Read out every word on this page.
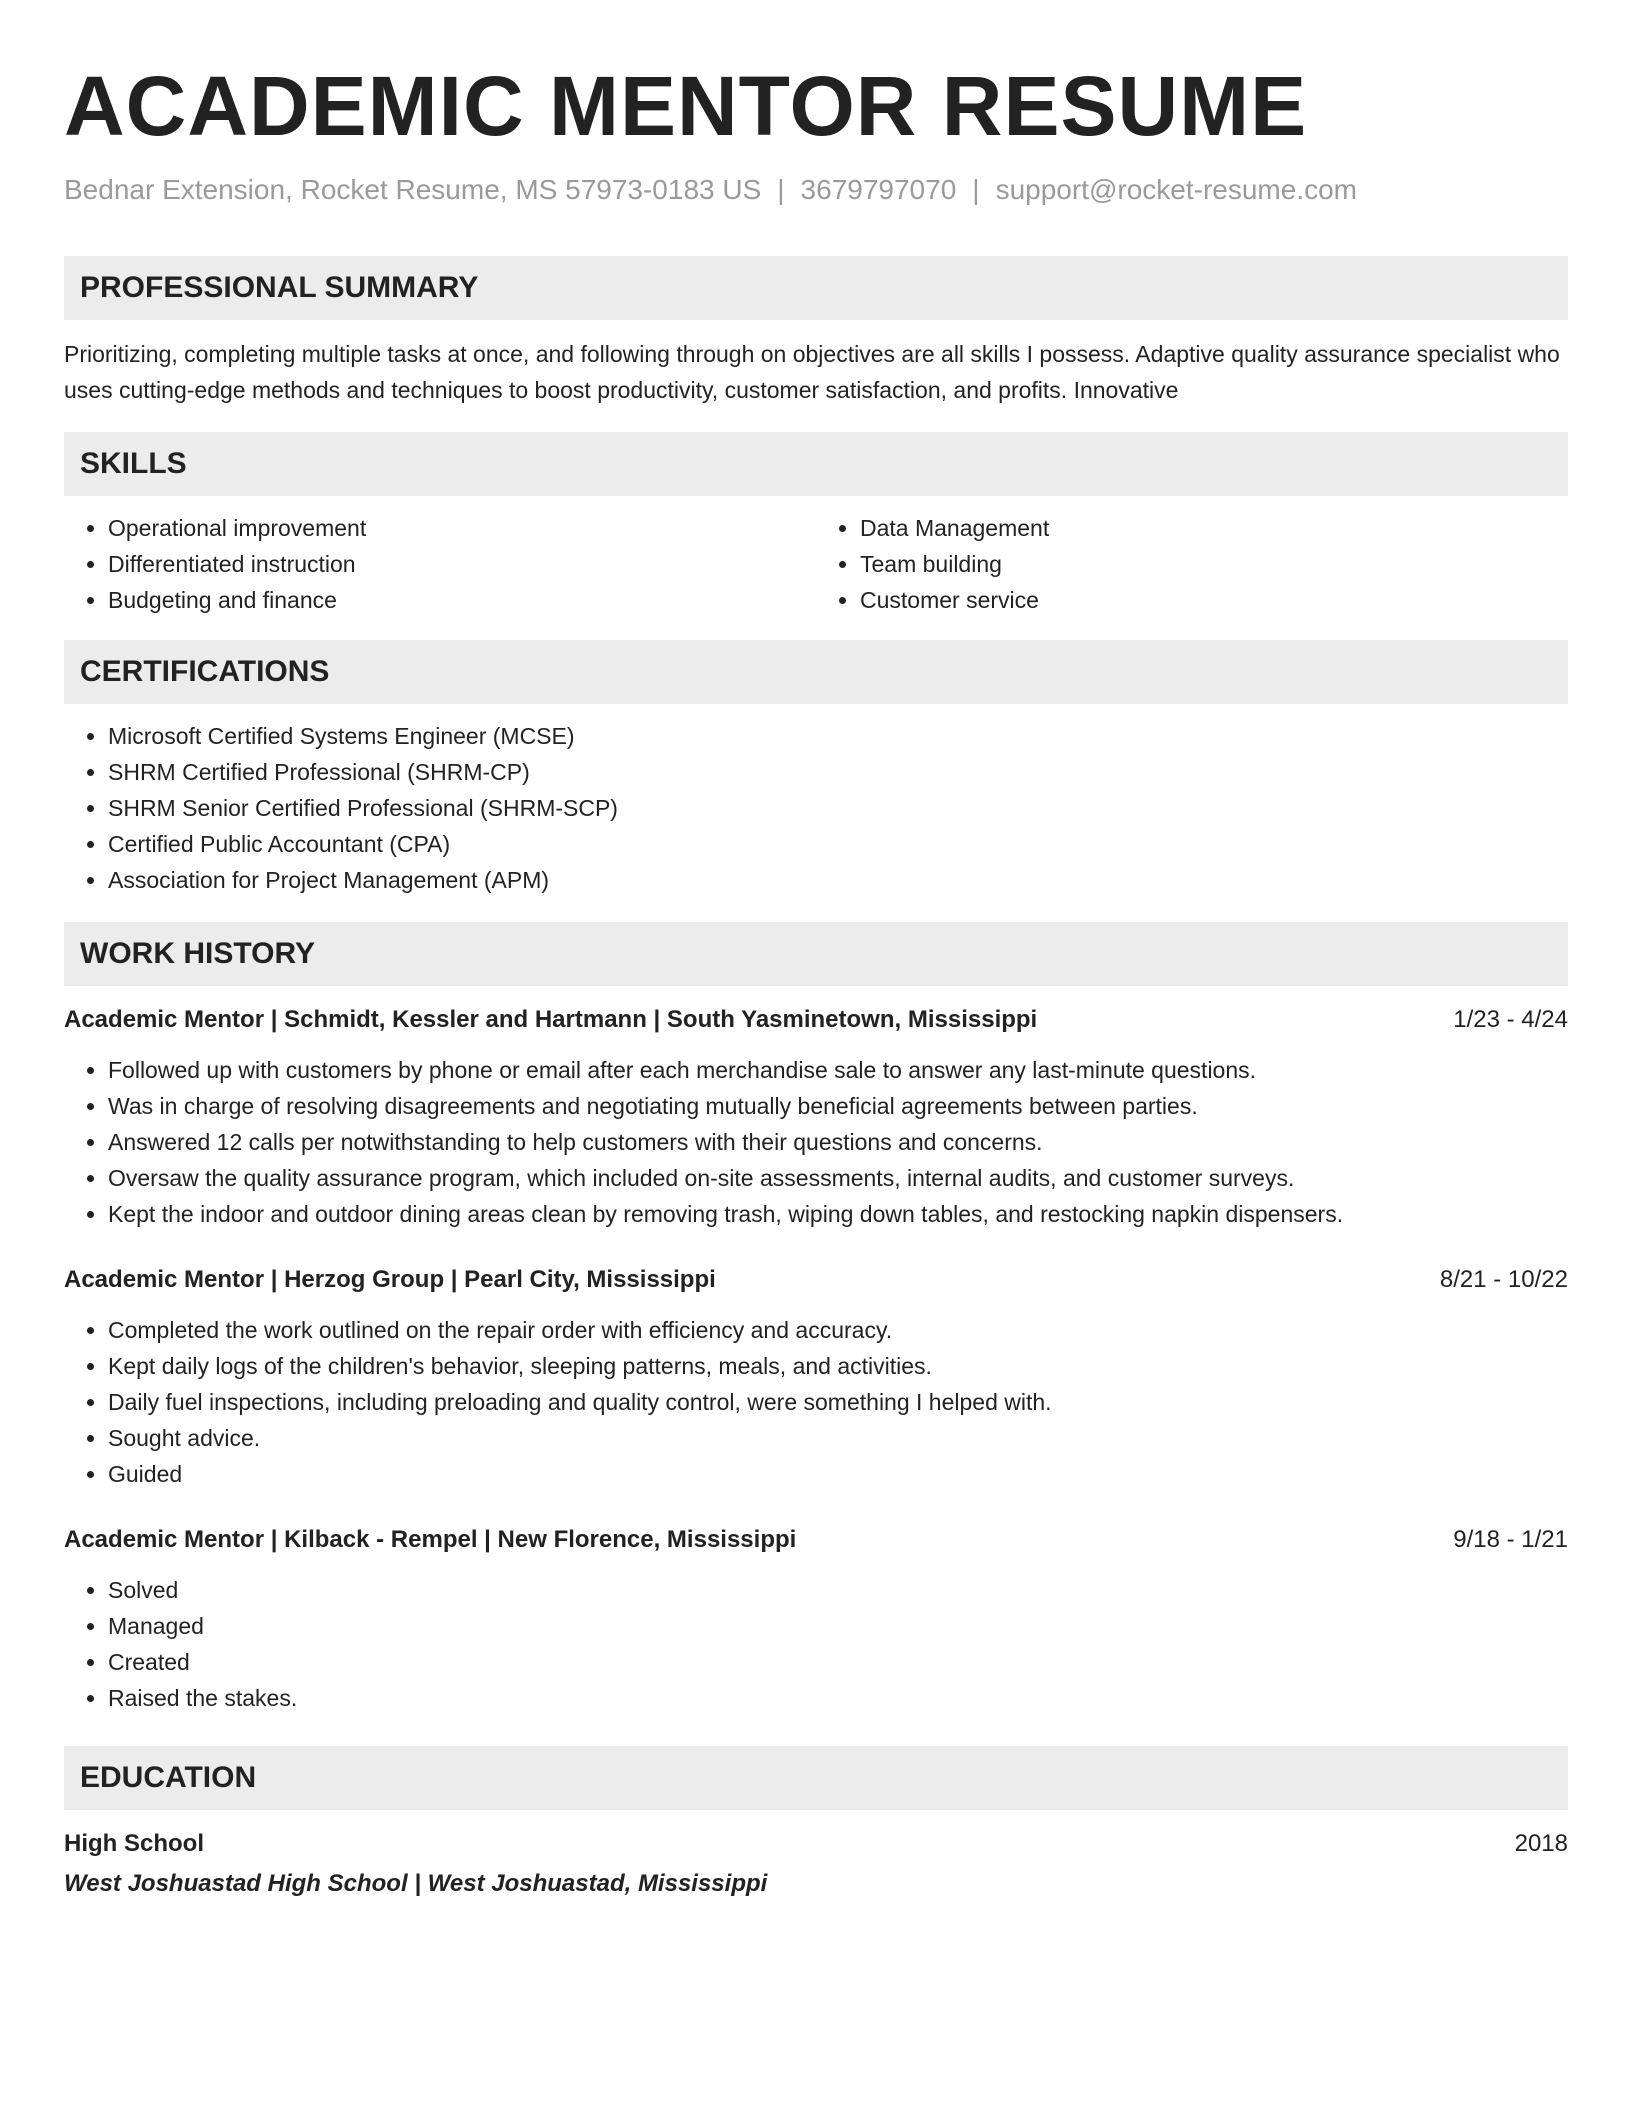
ACADEMIC MENTOR RESUME
Bednar Extension, Rocket Resume, MS 57973-0183 US | 3679797070 | support@rocket-resume.com
PROFESSIONAL SUMMARY
Prioritizing, completing multiple tasks at once, and following through on objectives are all skills I possess. Adaptive quality assurance specialist who uses cutting-edge methods and techniques to boost productivity, customer satisfaction, and profits. Innovative
SKILLS
• Operational improvement
• Differentiated instruction
• Budgeting and finance
• Data Management
• Team building
• Customer service
CERTIFICATIONS
• Microsoft Certified Systems Engineer (MCSE)
• SHRM Certified Professional (SHRM-CP)
• SHRM Senior Certified Professional (SHRM-SCP)
• Certified Public Accountant (CPA)
• Association for Project Management (APM)
WORK HISTORY
Academic Mentor | Schmidt, Kessler and Hartmann | South Yasminetown, Mississippi	1/23 - 4/24
• Followed up with customers by phone or email after each merchandise sale to answer any last-minute questions.
• Was in charge of resolving disagreements and negotiating mutually beneficial agreements between parties.
• Answered 12 calls per notwithstanding to help customers with their questions and concerns.
• Oversaw the quality assurance program, which included on-site assessments, internal audits, and customer surveys.
• Kept the indoor and outdoor dining areas clean by removing trash, wiping down tables, and restocking napkin dispensers.
Academic Mentor | Herzog Group | Pearl City, Mississippi	8/21 - 10/22
• Completed the work outlined on the repair order with efficiency and accuracy.
• Kept daily logs of the children's behavior, sleeping patterns, meals, and activities.
• Daily fuel inspections, including preloading and quality control, were something I helped with.
• Sought advice.
• Guided
Academic Mentor | Kilback - Rempel | New Florence, Mississippi	9/18 - 1/21
• Solved
• Managed
• Created
• Raised the stakes.
EDUCATION
High School	2018
West Joshuastad High School | West Joshuastad, Mississippi
